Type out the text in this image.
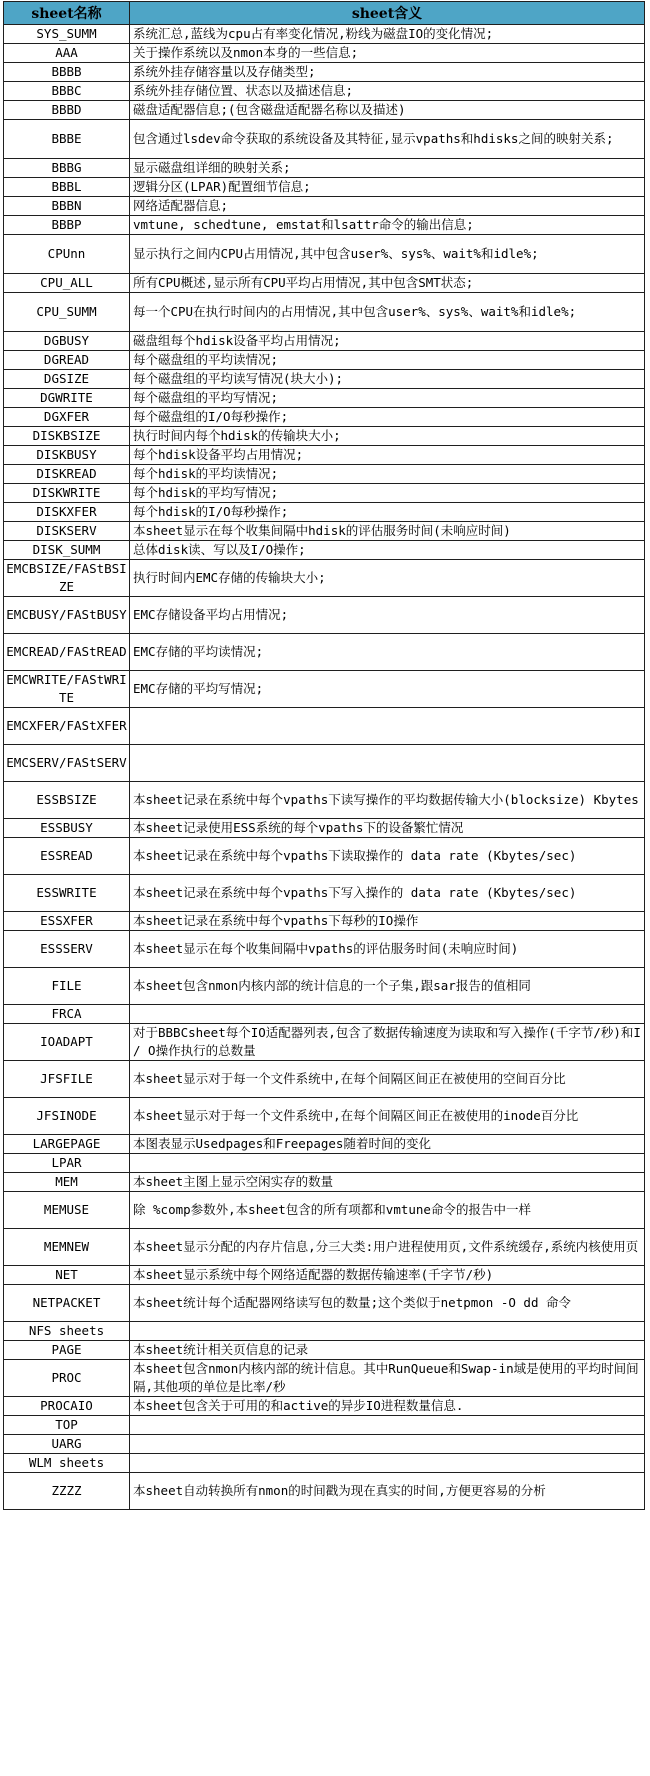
sheet名称	sheet含义
SYS_SUMM	系统汇总,蓝线为cpu占有率变化情况,粉线为磁盘IO的变化情况;
AAA	关于操作系统以及nmon本身的一些信息;
BBBB	系统外挂存储容量以及存储类型;
BBBC	系统外挂存储位置、状态以及描述信息;
BBBD	磁盘适配器信息;(包含磁盘适配器名称以及描述)
BBBE	包含通过lsdev命令获取的系统设备及其特征,显示vpaths和hdisks之间的映射关系;
BBBG	显示磁盘组详细的映射关系;
BBBL	逻辑分区(LPAR)配置细节信息;
BBBN	网络适配器信息;
BBBP	vmtune, schedtune, emstat和lsattr命令的输出信息;
CPUnn	显示执行之间内CPU占用情况,其中包含user%、sys%、wait%和idle%;
CPU_ALL	所有CPU概述,显示所有CPU平均占用情况,其中包含SMT状态;
CPU_SUMM	每一个CPU在执行时间内的占用情况,其中包含user%、sys%、wait%和idle%;
DGBUSY	磁盘组每个hdisk设备平均占用情况;
DGREAD	每个磁盘组的平均读情况;
DGSIZE	每个磁盘组的平均读写情况(块大小);
DGWRITE	每个磁盘组的平均写情况;
DGXFER	每个磁盘组的I/O每秒操作;
DISKBSIZE	执行时间内每个hdisk的传输块大小;
DISKBUSY	每个hdisk设备平均占用情况;
DISKREAD	每个hdisk的平均读情况;
DISKWRITE	每个hdisk的平均写情况;
DISKXFER	每个hdisk的I/O每秒操作;
DISKSERV	本sheet显示在每个收集间隔中hdisk的评估服务时间(未响应时间)
DISK_SUMM	总体disk读、写以及I/O操作;
EMCBSIZE/FAStBSIZE	执行时间内EMC存储的传输块大小;
EMCBUSY/FAStBUSY	EMC存储设备平均占用情况;
EMCREAD/FAStREAD	EMC存储的平均读情况;
EMCWRITE/FAStWRITE	EMC存储的平均写情况;
EMCXFER/FAStXFER	
EMCSERV/FAStSERV	
ESSBSIZE	本sheet记录在系统中每个vpaths下读写操作的平均数据传输大小(blocksize) Kbytes
ESSBUSY	本sheet记录使用ESS系统的每个vpaths下的设备繁忙情况
ESSREAD	本sheet记录在系统中每个vpaths下读取操作的 data rate (Kbytes/sec)
ESSWRITE	本sheet记录在系统中每个vpaths下写入操作的 data rate (Kbytes/sec)
ESSXFER	本sheet记录在系统中每个vpaths下每秒的IO操作
ESSSERV	本sheet显示在每个收集间隔中vpaths的评估服务时间(未响应时间)
FILE	本sheet包含nmon内核内部的统计信息的一个子集,跟sar报告的值相同
FRCA	
IOADAPT	对于BBBCsheet每个IO适配器列表,包含了数据传输速度为读取和写入操作(千字节/秒)和I / O操作执行的总数量
JFSFILE	本sheet显示对于每一个文件系统中,在每个间隔区间正在被使用的空间百分比
JFSINODE	本sheet显示对于每一个文件系统中,在每个间隔区间正在被使用的inode百分比
LARGEPAGE	本图表显示Usedpages和Freepages随着时间的变化
LPAR	
MEM	本sheet主图上显示空闲实存的数量
MEMUSE	除 %comp参数外,本sheet包含的所有项都和vmtune命令的报告中一样
MEMNEW	本sheet显示分配的内存片信息,分三大类:用户进程使用页,文件系统缓存,系统内核使用页
NET	本sheet显示系统中每个网络适配器的数据传输速率(千字节/秒)
NETPACKET	本sheet统计每个适配器网络读写包的数量;这个类似于netpmon -O dd 命令
NFS sheets	
PAGE	本sheet统计相关页信息的记录
PROC	本sheet包含nmon内核内部的统计信息。其中RunQueue和Swap-in域是使用的平均时间间隔,其他项的单位是比率/秒
PROCAIO	本sheet包含关于可用的和active的异步IO进程数量信息.
TOP	
UARG	
WLM sheets	
ZZZZ	本sheet自动转换所有nmon的时间戳为现在真实的时间,方便更容易的分析
